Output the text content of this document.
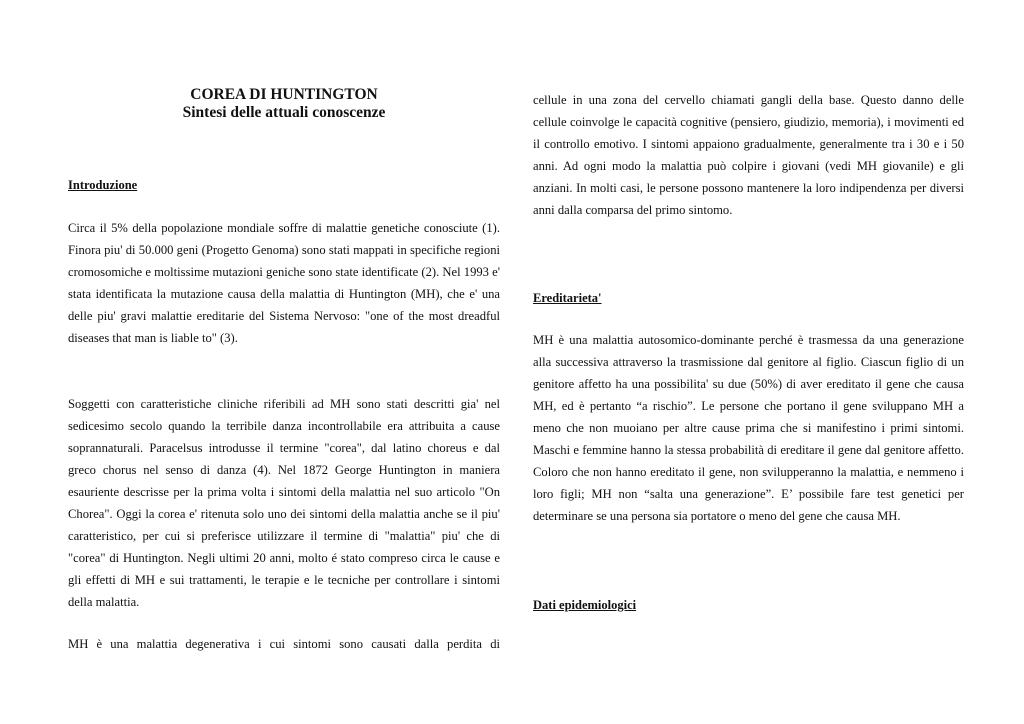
COREA DI HUNTINGTON
Sintesi delle attuali conoscenze
Introduzione

Circa il 5% della popolazione mondiale soffre di malattie genetiche conosciute (1). Finora piu' di 50.000 geni (Progetto Genoma) sono stati mappati in specifiche regioni cromosomiche e moltissime mutazioni geniche sono state identificate (2). Nel 1993 e' stata identificata la mutazione causa della malattia di Huntington (MH), che e' una delle piu' gravi malattie ereditarie del Sistema Nervoso: "one of the most dreadful diseases that man is liable to" (3).

Soggetti con caratteristiche cliniche riferibili ad MH sono stati descritti gia' nel sedicesimo secolo quando la terribile danza incontrollabile era attribuita a cause soprannaturali. Paracelsus introdusse il termine "corea", dal latino choreus e dal greco chorus nel senso di danza (4). Nel 1872 George Huntington in maniera esauriente descrisse per la prima volta i sintomi della malattia nel suo articolo "On Chorea". Oggi la corea e' ritenuta solo uno dei sintomi della malattia anche se il piu' caratteristico, per cui si preferisce utilizzare il termine di "malattia" piu' che di "corea" di Huntington. Negli ultimi 20 anni, molto é stato compreso circa le cause e gli effetti di MH e sui trattamenti, le terapie e le tecniche per controllare i sintomi della malattia.

MH è una malattia degenerativa i cui sintomi sono causati dalla perdita di

cellule in una zona del cervello chiamati gangli della base. Questo danno delle cellule coinvolge le capacità cognitive (pensiero, giudizio, memoria), i movimenti ed il controllo emotivo. I sintomi appaiono gradualmente, generalmente tra i 30 e i 50 anni. Ad ogni modo la malattia può colpire i giovani (vedi MH giovanile) e gli anziani. In molti casi, le persone possono mantenere la loro indipendenza per diversi anni dalla comparsa del primo sintomo.

Ereditarieta'

MH è una malattia autosomico-dominante perché è trasmessa da una generazione alla successiva attraverso la trasmissione dal genitore al figlio. Ciascun figlio di un genitore affetto ha una possibilita' su due (50%) di aver ereditato il gene che causa MH, ed è pertanto “a rischio”. Le persone che portano il gene sviluppano MH a meno che non muoiano per altre cause prima che si manifestino i primi sintomi. Maschi e femmine hanno la stessa probabilità di ereditare il gene dal genitore affetto. Coloro che non hanno ereditato il gene, non svilupperanno la malattia, e nemmeno i loro figli; MH non “salta una generazione”. E’ possibile fare test genetici per determinare se una persona sia portatore o meno del gene che causa MH.

Dati epidemiologici
